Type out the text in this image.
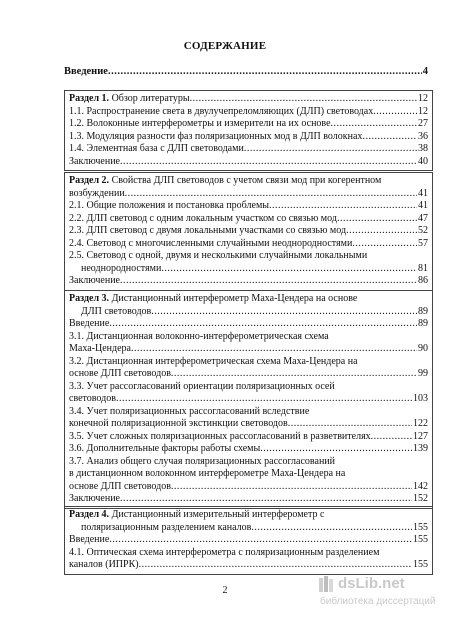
СОДЕРЖАНИЕ
Введение .....	4
Раздел 1. Обзор литературы .....	12
1.1. Распространение света в двулучепреломляющих (ДЛП) световодах .....	12
1.2. Волоконные интерферометры и измерители на их основе .....	27
1.3. Модуляция разности фаз поляризационных мод в ДЛП волокнах .....	36
1.4. Элементная база с ДЛП световодами .....	38
Заключение .....	40
Раздел 2. Свойства ДЛП световодов с учетом связи мод при когерентном
возбуждении .....	41
2.1. Общие положения и постановка проблемы .....	41
2.2. ДЛП световод с одним локальным участком со связью мод .....	47
2.3. ДЛП световод с двумя локальными участками со связью мод .....	52
2.4. Световод с многочисленными случайными неоднородностями .....	57
2.5. Световод с одной, двумя и несколькими случайными локальными
неоднородностями .....	81
Заключение .....	86
Раздел 3. Дистанционный интерферометр Маха-Цендера на основе
ДЛП световодов .....	89
Введение .....	89
3.1. Дистанционная волоконно-интерферометрическая схема
Маха-Цендера .....	90
3.2. Дистанционная интерферометрическая схема Маха-Цендера на
основе ДЛП световодов .....	99
3.3. Учет рассогласований ориентации поляризационных осей
световодов .....	103
3.4. Учет поляризационных рассогласований вследствие
конечной поляризационной экстинкции световодов .....	122
3.5. Учет сложных поляризационных рассогласований в разветвителях .....	127
3.6. Дополнительные факторы работы схемы .....	139
3.7. Анализ общего случая поляризационных рассогласований
в дистанционном волоконном интерферометре Маха-Цендера на
основе ДЛП световодов .....	142
Заключение .....	152
Раздел 4. Дистанционный измерительный интерферометр с
поляризационным разделением каналов .....	155
Введение .....	155
4.1. Оптическая схема интерферометра с поляризационным разделением
каналов (ИПРК) .....	155
2	dsLib.net
библиотека диссертаций
